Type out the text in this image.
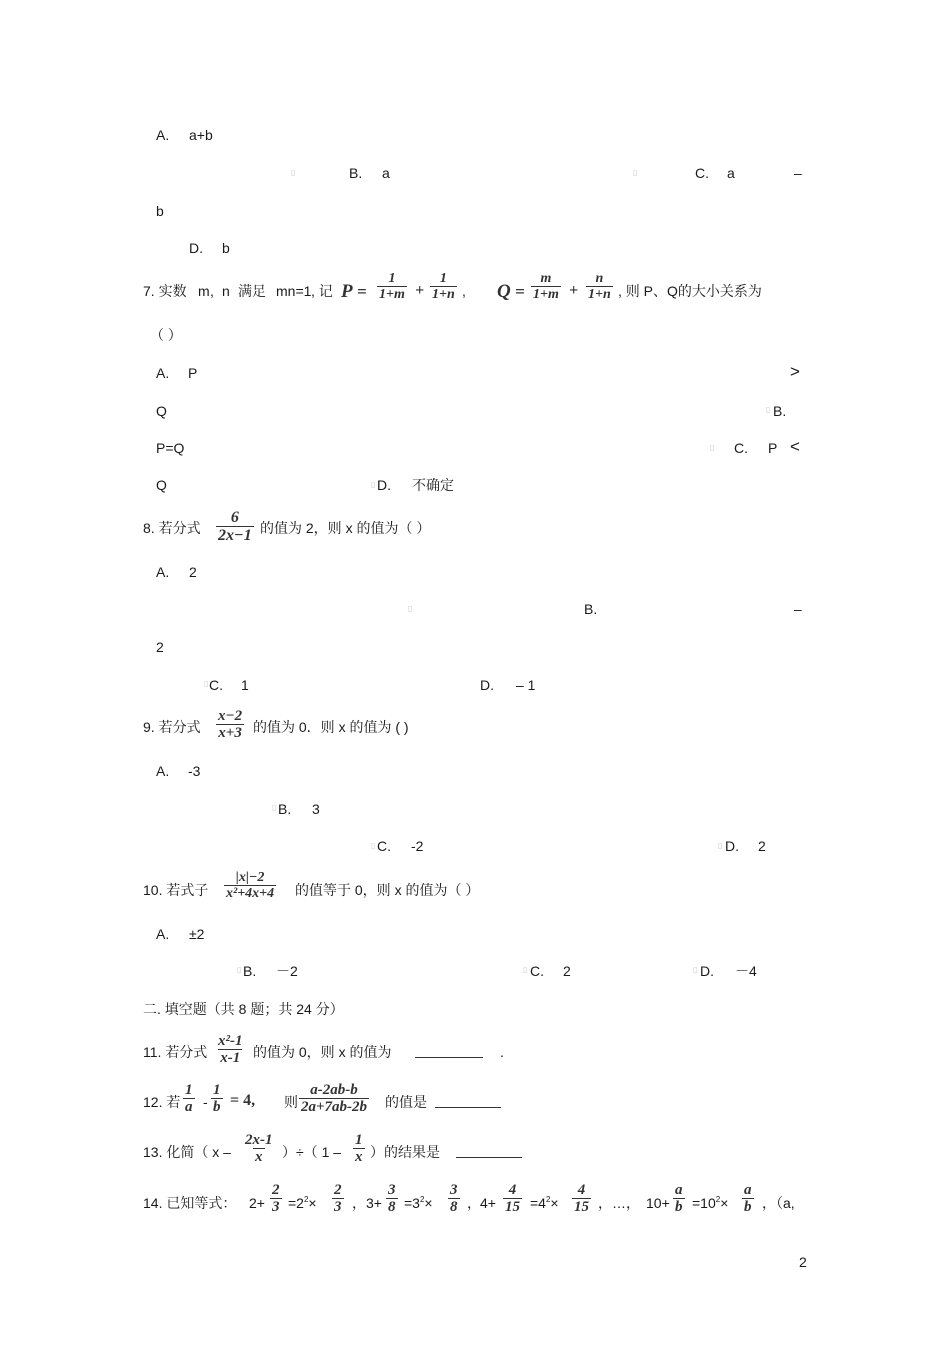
A. a+b
▯	B. a	▯	C. a	–
b
D. b
7. 实数 m , n 满足 mn=1 , 记 $P = \frac{1}{1+m} + \frac{1}{1+n}$ , $Q = \frac{m}{1+m} + \frac{n}{1+n}$ , 则 P、Q的大小关系为
（ ）
A. P	>
Q	▯ B.
P=Q	▯ C. P <
Q	▯ D. 不确定
8. 若分式 $\frac{6}{2x-1}$ 的值为 2，则 x 的值为（ ）
A. 2
▯	B.	–
2
▯ C. 1	D. – 1
9. 若分式 $\frac{x-2}{x+3}$ 的值为 0．则 x 的值为 ( )
A. -3
▯ B. 3
▯ C. -2	▯ D. 2
10. 若式子 $\frac{|x|-2}{\text{x²+4x+4}}$ 的值等于 0，则 x 的值为（ ）
A. ±2
▯ B. －2	▯ C. 2	▯ D. －4
二. 填空题（共 8 题；共 24 分）
11. 若分式 $\frac{\text{x²-1}}{x-1}$ 的值为 0，则 x 的值为	.
12. 若 $\frac{1}{a} - \frac{1}{b} = 4$, 则 $\frac{a-2ab-b}{2a+7ab-2b}$ 的值是
13. 化简（ x – $\frac{2x-1}{x}$ ）÷（ $1 - \frac{1}{x}$ ）的结果是
14. 已知等式： $2+ \frac{2}{3} =2^2\times \frac{2}{3}$ ， $3+ \frac{3}{8} =3^2\times \frac{3}{8}$ ， $4+ \frac{4}{15} =4^2\times \frac{4}{15}$ ，…， $10+ \frac{a}{b} =10^2\times \frac{a}{b}$ ，（a,
2
